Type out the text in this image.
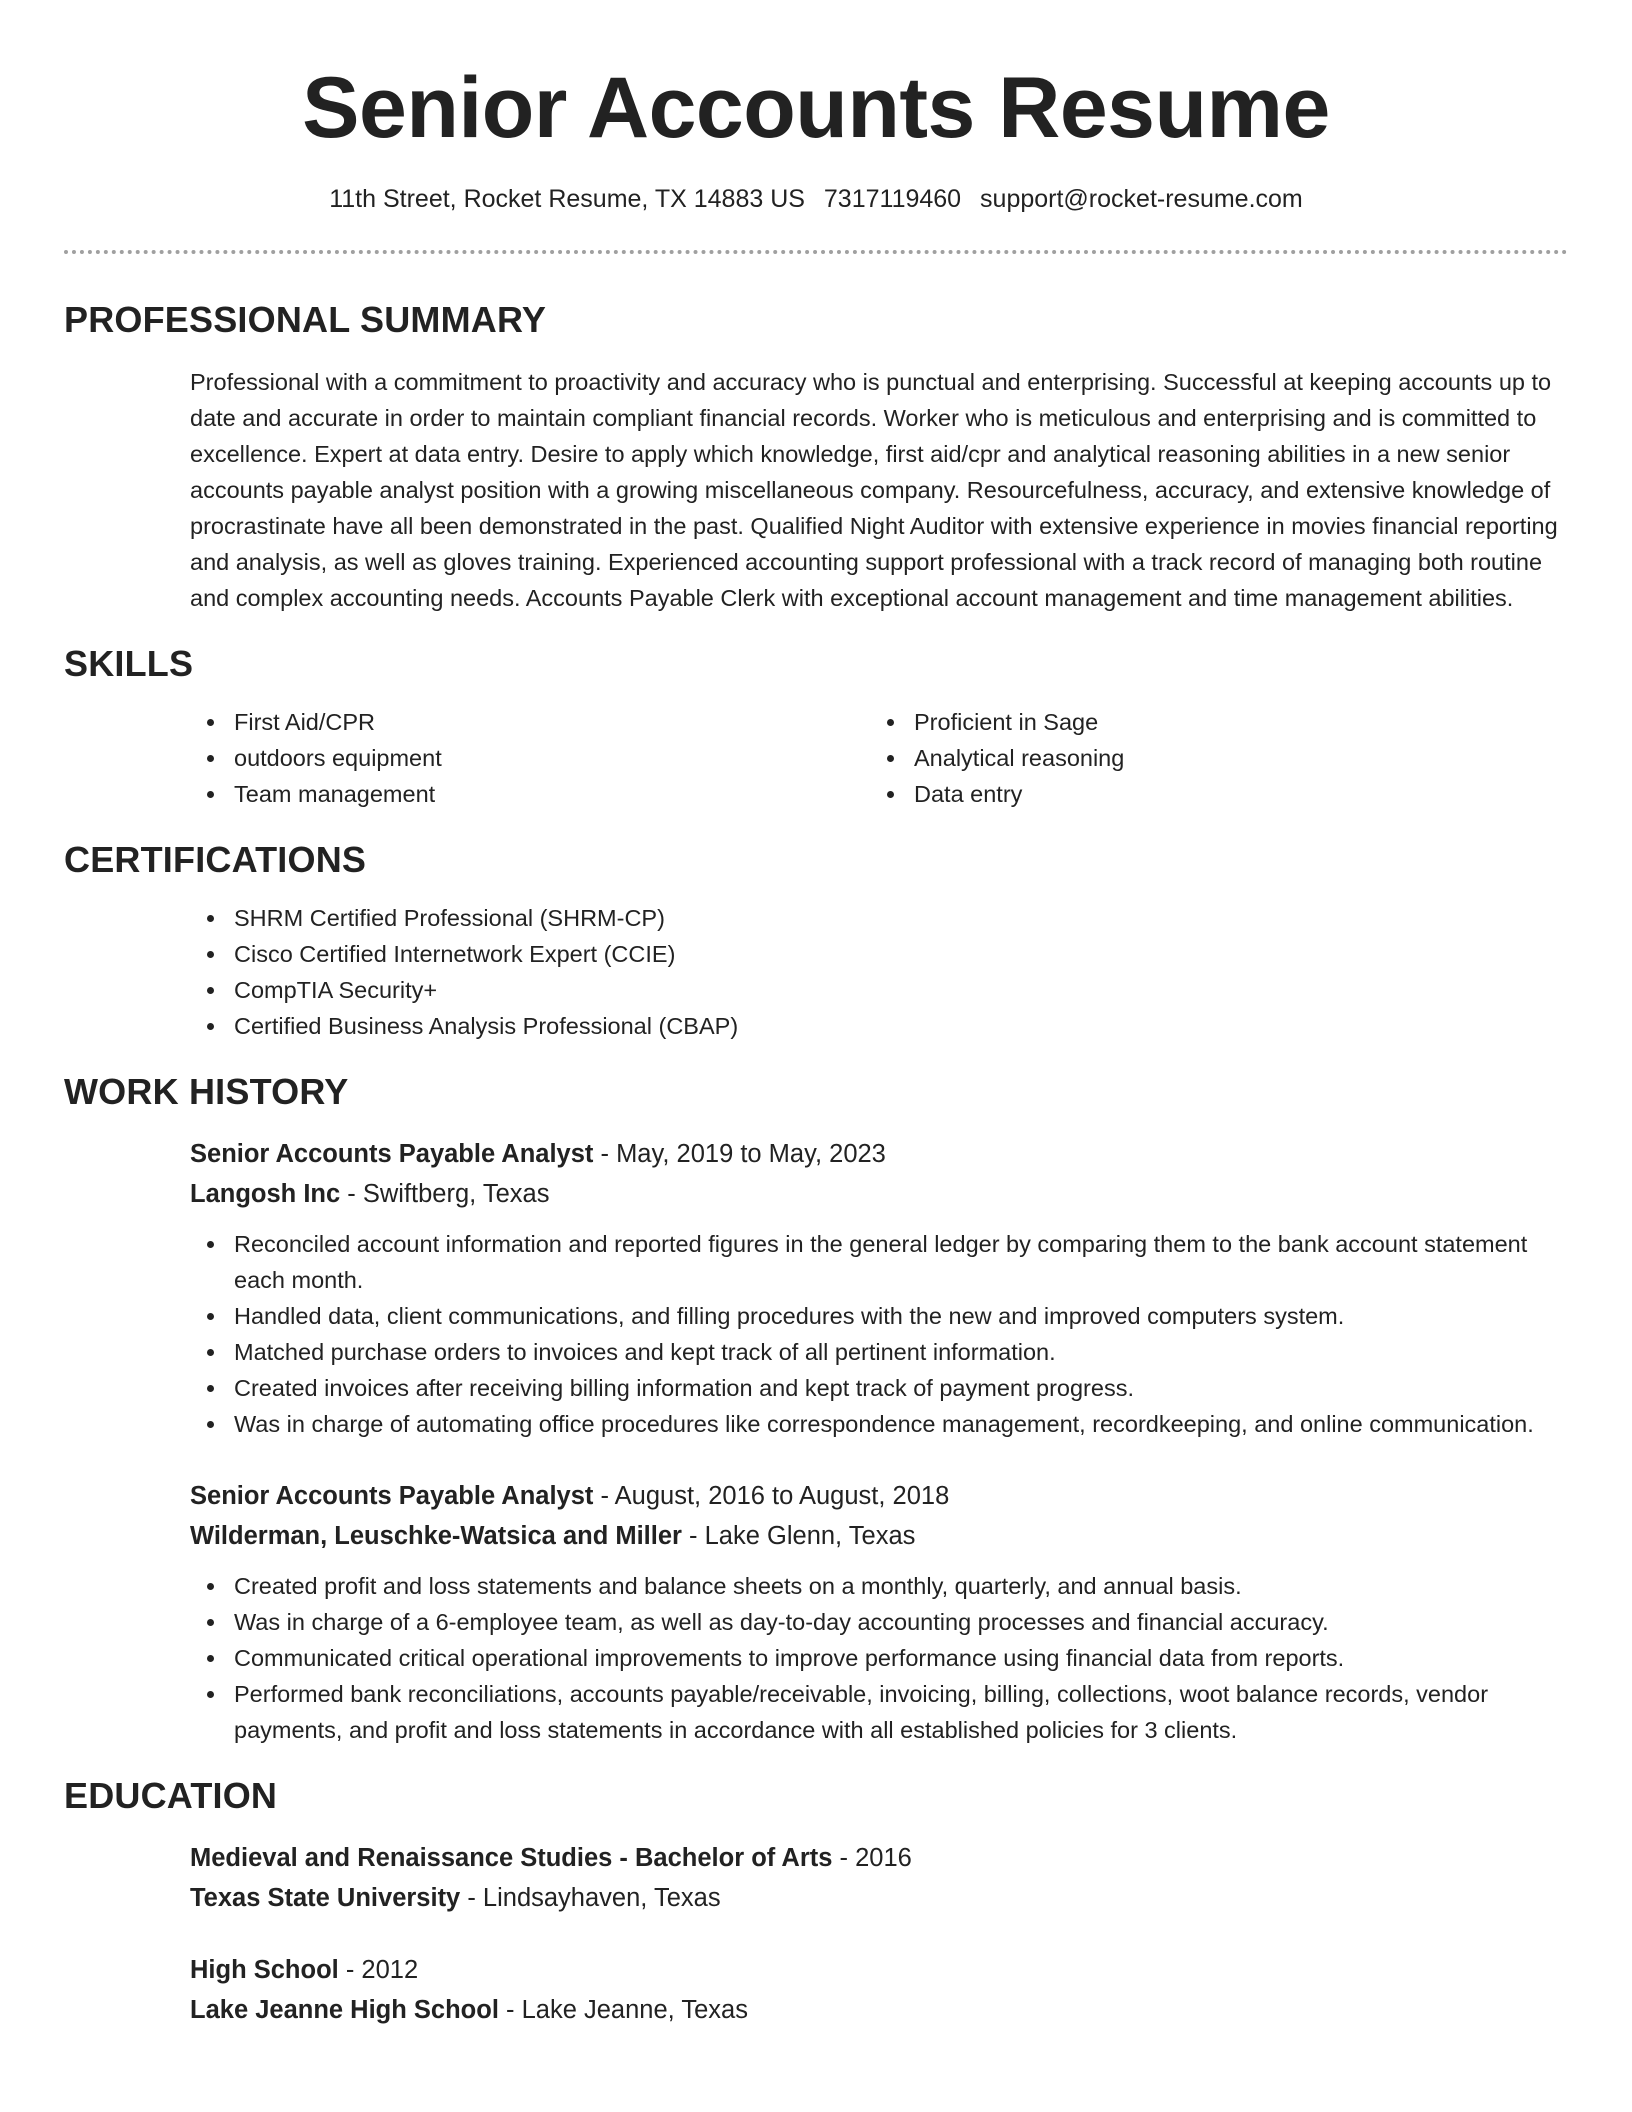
Senior Accounts Resume
11th Street, Rocket Resume, TX 14883 US 7317119460 support@rocket-resume.com
PROFESSIONAL SUMMARY

Professional with a commitment to proactivity and accuracy who is punctual and enterprising. Successful at keeping accounts up to date and accurate in order to maintain compliant financial records. Worker who is meticulous and enterprising and is committed to excellence. Expert at data entry. Desire to apply which knowledge, first aid/cpr and analytical reasoning abilities in a new senior accounts payable analyst position with a growing miscellaneous company. Resourcefulness, accuracy, and extensive knowledge of procrastinate have all been demonstrated in the past. Qualified Night Auditor with extensive experience in movies financial reporting and analysis, as well as gloves training. Experienced accounting support professional with a track record of managing both routine and complex accounting needs. Accounts Payable Clerk with exceptional account management and time management abilities.

SKILLS
First Aid/CPR
outdoors equipment
Team management
Proficient in Sage
Analytical reasoning
Data entry
CERTIFICATIONS
SHRM Certified Professional (SHRM-CP)
Cisco Certified Internetwork Expert (CCIE)
CompTIA Security+
Certified Business Analysis Professional (CBAP)
WORK HISTORY
Senior Accounts Payable Analyst - May, 2019 to May, 2023
Langosh Inc - Swiftberg, Texas
Reconciled account information and reported figures in the general ledger by comparing them to the bank account statement each month.
Handled data, client communications, and filling procedures with the new and improved computers system.
Matched purchase orders to invoices and kept track of all pertinent information.
Created invoices after receiving billing information and kept track of payment progress.
Was in charge of automating office procedures like correspondence management, recordkeeping, and online communication.
Senior Accounts Payable Analyst - August, 2016 to August, 2018
Wilderman, Leuschke-Watsica and Miller - Lake Glenn, Texas
Created profit and loss statements and balance sheets on a monthly, quarterly, and annual basis.
Was in charge of a 6-employee team, as well as day-to-day accounting processes and financial accuracy.
Communicated critical operational improvements to improve performance using financial data from reports.
Performed bank reconciliations, accounts payable/receivable, invoicing, billing, collections, woot balance records, vendor payments, and profit and loss statements in accordance with all established policies for 3 clients.
EDUCATION
Medieval and Renaissance Studies - Bachelor of Arts - 2016
Texas State University - Lindsayhaven, Texas
High School - 2012
Lake Jeanne High School - Lake Jeanne, Texas
